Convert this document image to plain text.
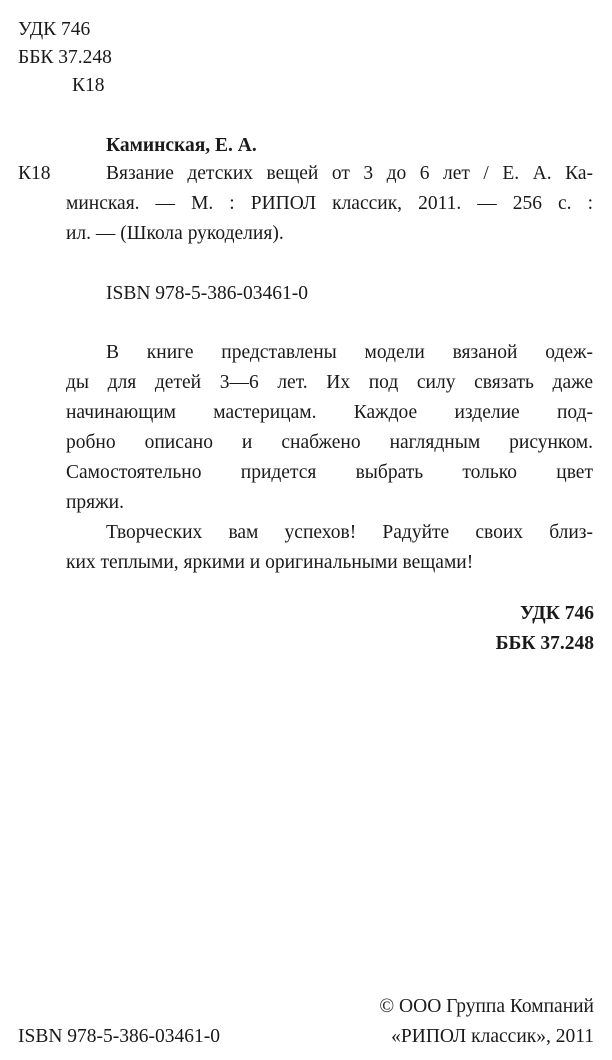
УДК 746
ББК 37.248
К18
Каминская, Е. А.
К18	Вязание детских вещей от 3 до 6 лет / Е. А. Ка-
минская. — М. : РИПОЛ классик, 2011. — 256 с. :
ил. — (Школа рукоделия).
ISBN 978-5-386-03461-0
В книге представлены модели вязаной одеж-
ды для детей 3—6 лет. Их под силу связать даже
начинающим мастерицам. Каждое изделие под-
робно описано и снабжено наглядным рисунком.
Самостоятельно придется выбрать только цвет
пряжи.
Творческих вам успехов! Радуйте своих близ-
ких теплыми, яркими и оригинальными вещами!
УДК 746
ББК 37.248
© ООО Группа Компаний
ISBN 978-5-386-03461-0	«РИПОЛ классик», 2011
